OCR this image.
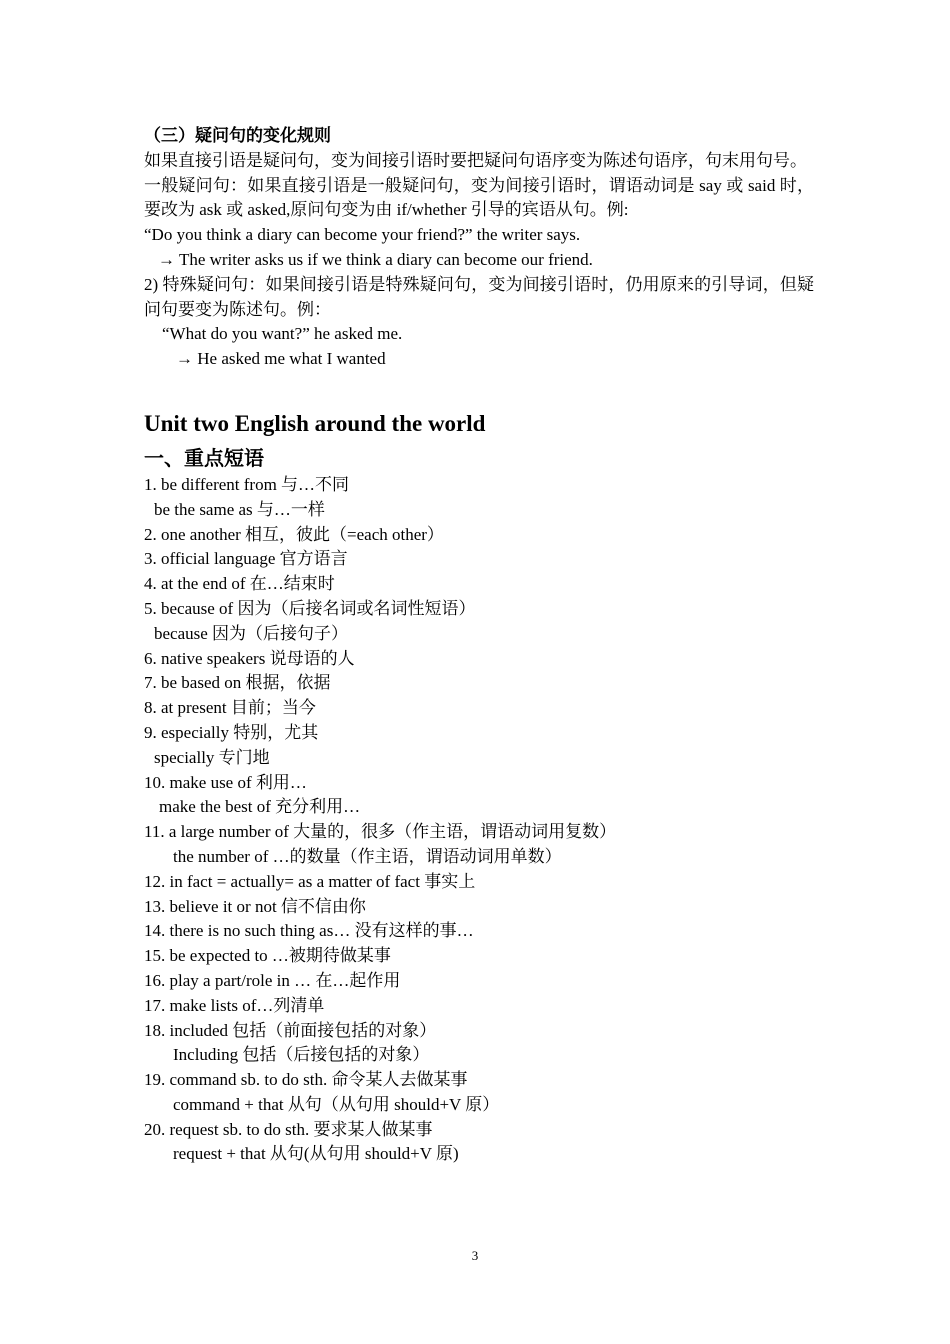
（三）疑问句的变化规则
如果直接引语是疑问句，变为间接引语时要把疑问句语序变为陈述句语序，句末用句号。
一般疑问句：如果直接引语是一般疑问句，变为间接引语时，谓语动词是 say 或 said 时，要改为 ask 或 asked,原问句变为由 if/whether 引导的宾语从句。例:
“Do you think a diary can become your friend?” the writer says.
→ The writer asks us if we think a diary can become our friend.
2) 特殊疑问句：如果间接引语是特殊疑问句，变为间接引语时，仍用原来的引导词，但疑问句要变为陈述句。例：
“What do you want?” he asked me.
→ He asked me what I wanted
Unit two English around the world
一、重点短语
1. be different from 与…不同
be the same as 与…一样
2. one another 相互，彼此（=each other）
3. official language 官方语言
4. at the end of 在…结束时
5. because of 因为（后接名词或名词性短语）
because 因为（后接句子）
6. native speakers 说母语的人
7. be based on 根据，依据
8. at present 目前；当今
9. especially 特别，尤其
specially 专门地
10. make use of 利用…
make the best of 充分利用…
11. a large number of 大量的，很多（作主语，谓语动词用复数）
the number of …的数量（作主语，谓语动词用单数）
12. in fact = actually= as a matter of fact 事实上
13. believe it or not 信不信由你
14. there is no such thing as… 没有这样的事…
15. be expected to …被期待做某事
16. play a part/role in … 在…起作用
17. make lists of…列清单
18. included 包括（前面接包括的对象）
Including 包括（后接包括的对象）
19. command sb. to do sth. 命令某人去做某事
command + that 从句（从句用 should+V 原）
20. request sb. to do sth. 要求某人做某事
request + that 从句(从句用 should+V 原)
3
